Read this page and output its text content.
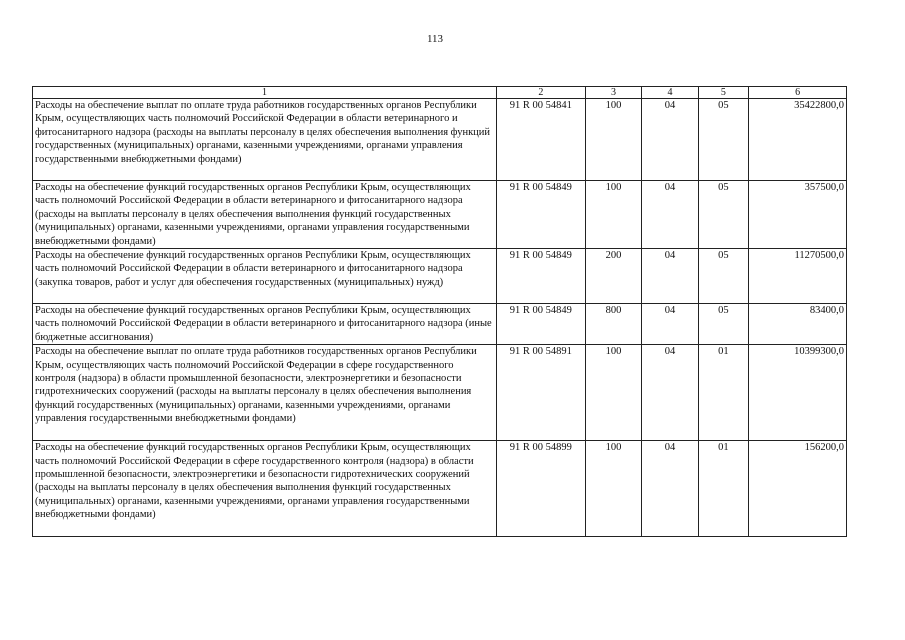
113
1	2	3	4	5	6
Расходы на обеспечение выплат по оплате труда работников государственных органов Республики Крым, осуществляющих часть полномочий Российской Федерации в области ветеринарного и фитосанитарного надзора (расходы на выплаты персоналу в целях обеспечения выполнения функций государственных (муниципальных) органами, казенными учреждениями, органами управления государственными внебюджетными фондами)	91 R 00 54841	100	04	05	35422800,0
Расходы на обеспечение функций государственных органов Республики Крым, осуществляющих часть полномочий Российской Федерации в области ветеринарного и фитосанитарного надзора (расходы на выплаты персоналу в целях обеспечения выполнения функций государственных (муниципальных) органами, казенными учреждениями, органами управления государственными внебюджетными фондами)	91 R 00 54849	100	04	05	357500,0
Расходы на обеспечение функций государственных органов Республики Крым, осуществляющих часть полномочий Российской Федерации в области ветеринарного и фитосанитарного надзора (закупка товаров, работ и услуг для обеспечения государственных (муниципальных) нужд)	91 R 00 54849	200	04	05	11270500,0
Расходы на обеспечение функций государственных органов Республики Крым, осуществляющих часть полномочий Российской Федерации в области ветеринарного и фитосанитарного надзора (иные бюджетные ассигнования)	91 R 00 54849	800	04	05	83400,0
Расходы на обеспечение выплат по оплате труда работников государственных органов Республики Крым, осуществляющих часть полномочий Российской Федерации в сфере государственного контроля (надзора) в области промышленной безопасности, электроэнергетики и безопасности гидротехнических сооружений (расходы на выплаты персоналу в целях обеспечения выполнения функций государственных (муниципальных) органами, казенными учреждениями, органами управления государственными внебюджетными фондами)	91 R 00 54891	100	04	01	10399300,0
Расходы на обеспечение функций государственных органов Республики Крым, осуществляющих часть полномочий Российской Федерации в сфере государственного контроля (надзора) в области промышленной безопасности, электроэнергетики и безопасности гидротехнических сооружений (расходы на выплаты персоналу в целях обеспечения выполнения функций государственных (муниципальных) органами, казенными учреждениями, органами управления государственными внебюджетными фондами)	91 R 00 54899	100	04	01	156200,0
